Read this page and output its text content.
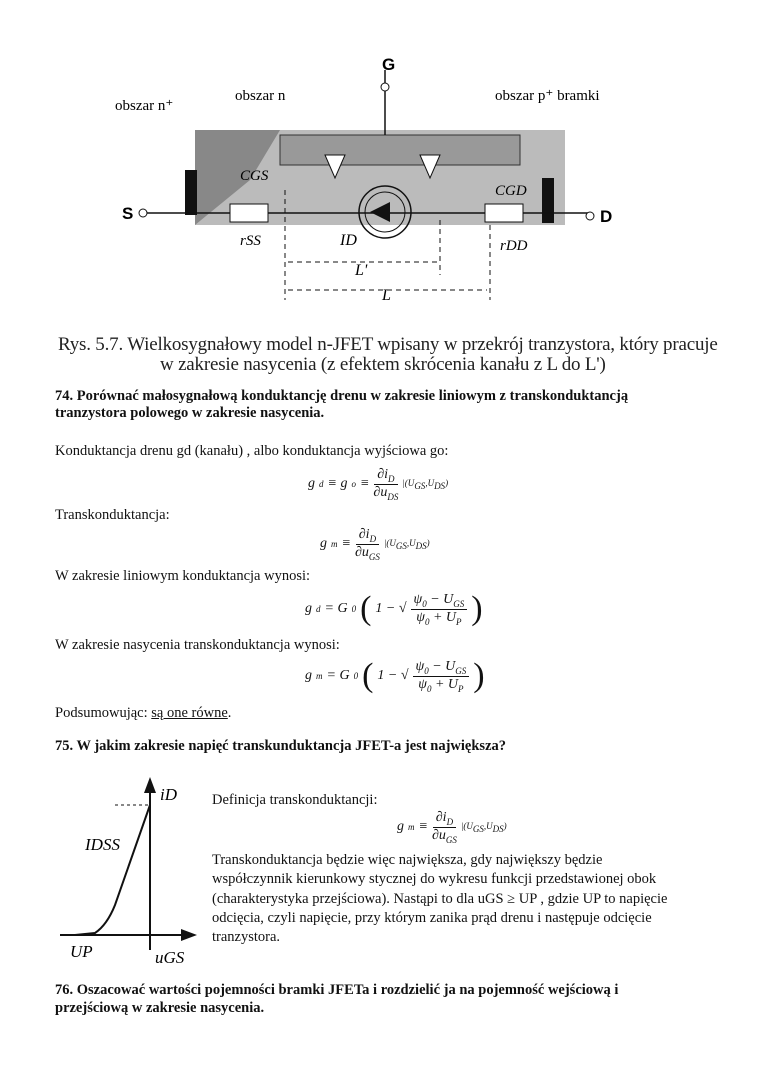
G
S	D
obszar n⁺
obszar n	obszar p⁺ bramki
CGS
CGD
rSS	rDD
ID
L'
L
Rys. 5.7. Wielkosygnałowy model n-JFET wpisany w przekrój tranzystora, który pracuje
w zakresie nasycenia (z efektem skrócenia kanału z L do L')
74. Porównać małosygnałową konduktancję drenu w zakresie liniowym z transkonduktancją
tranzystora polowego w zakresie nasycenia.
Konduktancja drenu gd (kanału) , albo konduktancja wyjściowa go:
g d ≡ g $o \equiv \frac{\partial i_D}{\partial u_{DS}} |(U_{GS},U_{DS})$
Transkonduktancja:
g $m \equiv \frac{\partial i_D}{\partial u_{GS}} |(U_{GS},U_{DS})$
W zakresie liniowym konduktancja wynosi:
g d = G 0 ( 1 − √ $\frac{\psi_0 - U_{GS}}{\psi_0 + U_P}$ )
W zakresie nasycenia transkonduktancja wynosi:
g m = G 0 ( 1 − √ $\frac{\psi_0 - U_{GS}}{\psi_0 + U_P}$ )
Podsumowując: są one równe.
75. W jakim zakresie napięć transkunduktancja JFET-a jest największa?
iD
uGS
IDSS
UP
Definicja transkonduktancji:
g $m \equiv \frac{\partial i_D}{\partial u_{GS}} |(U_{GS},U_{DS})$
Transkonduktancja będzie więc największa, gdy największy będzie
współczynnik kierunkowy stycznej do wykresu funkcji przedstawionej obok
(charakterystyka przejściowa). Nastąpi to dla uGS ≥ UP , gdzie UP to napięcie
odcięcia, czyli napięcie, przy którym zanika prąd drenu i następuje odcięcie
tranzystora.
76. Oszacować wartości pojemności bramki JFETa i rozdzielić ja na pojemność wejściową i
przejściową w zakresie nasycenia.
